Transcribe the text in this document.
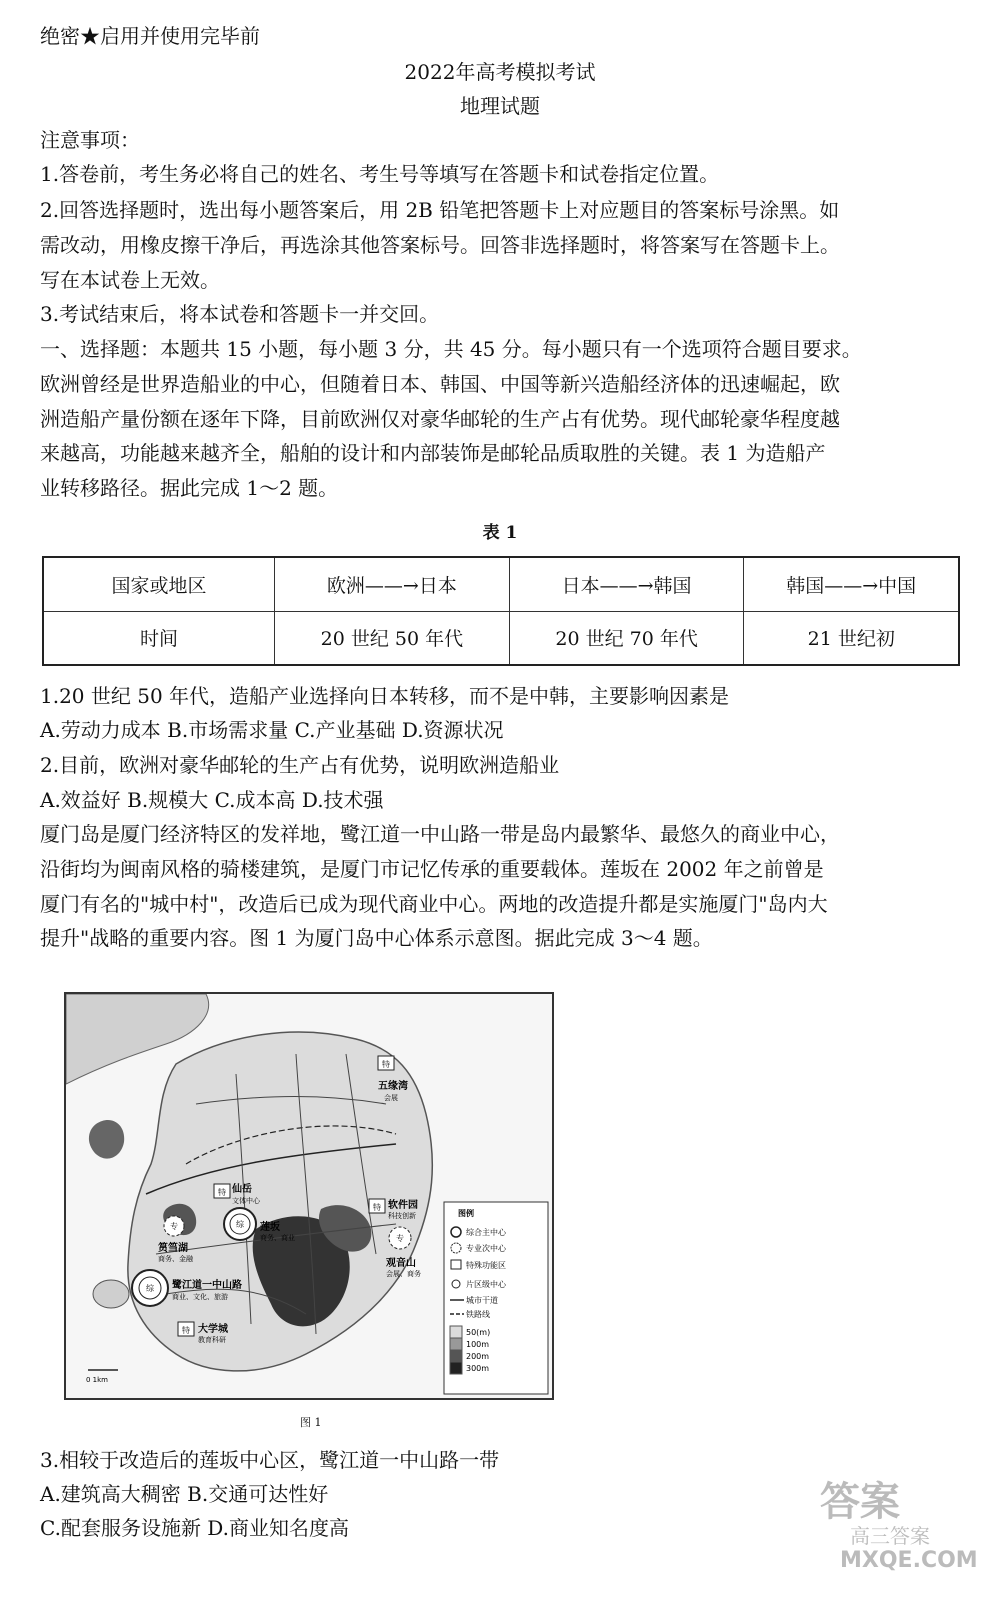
绝密★启用并使用完毕前
2022年高考模拟考试
地理试题
注意事项：
1.答卷前，考生务必将自己的姓名、考生号等填写在答题卡和试卷指定位置。
2.回答选择题时，选出每小题答案后，用 2B 铅笔把答题卡上对应题目的答案标号涂黑。如
需改动，用橡皮擦干净后，再选涂其他答案标号。回答非选择题时，将答案写在答题卡上。
写在本试卷上无效。
3.考试结束后，将本试卷和答题卡一并交回。
一、选择题：本题共 15 小题，每小题 3 分，共 45 分。每小题只有一个选项符合题目要求。
欧洲曾经是世界造船业的中心，但随着日本、韩国、中国等新兴造船经济体的迅速崛起，欧
洲造船产量份额在逐年下降，目前欧洲仅对豪华邮轮的生产占有优势。现代邮轮豪华程度越
来越高，功能越来越齐全，船舶的设计和内部装饰是邮轮品质取胜的关键。表 1 为造船产
业转移路径。据此完成 1～2 题。
表 1
国家或地区	欧洲——→日本	日本——→韩国	韩国——→中国
时间	20 世纪 50 年代	20 世纪 70 年代	21 世纪初
1.20 世纪 50 年代，造船产业选择向日本转移，而不是中韩，主要影响因素是
A.劳动力成本 B.市场需求量 C.产业基础 D.资源状况
2.目前，欧洲对豪华邮轮的生产占有优势，说明欧洲造船业
A.效益好 B.规模大 C.成本高 D.技术强
厦门岛是厦门经济特区的发祥地，鹭江道一中山路一带是岛内最繁华、最悠久的商业中心，
沿街均为闽南风格的骑楼建筑，是厦门市记忆传承的重要载体。莲坂在 2002 年之前曾是
厦门有名的"城中村"，改造后已成为现代商业中心。两地的改造提升都是实施厦门"岛内大
提升"战略的重要内容。图 1 为厦门岛中心体系示意图。据此完成 3～4 题。
特
五缘湾
会展
特 仙岳
文体中心
专
筼筜湖
商务、金融
综 莲坂
商务、商业
特 软件园
科技创新
专
观音山
会展、商务
综 鹭江道一中山路
商业、文化、旅游
特 大学城
教育科研
0 1km
图例
综合主中心
专业次中心
特殊功能区
片区级中心
城市干道
铁路线
50(m)
100m
200m
300m
图 1
3.相较于改造后的莲坂中心区，鹭江道一中山路一带
A.建筑高大稠密 B.交通可达性好
C.配套服务设施新 D.商业知名度高
答案
高三答案
MXQE.COM
